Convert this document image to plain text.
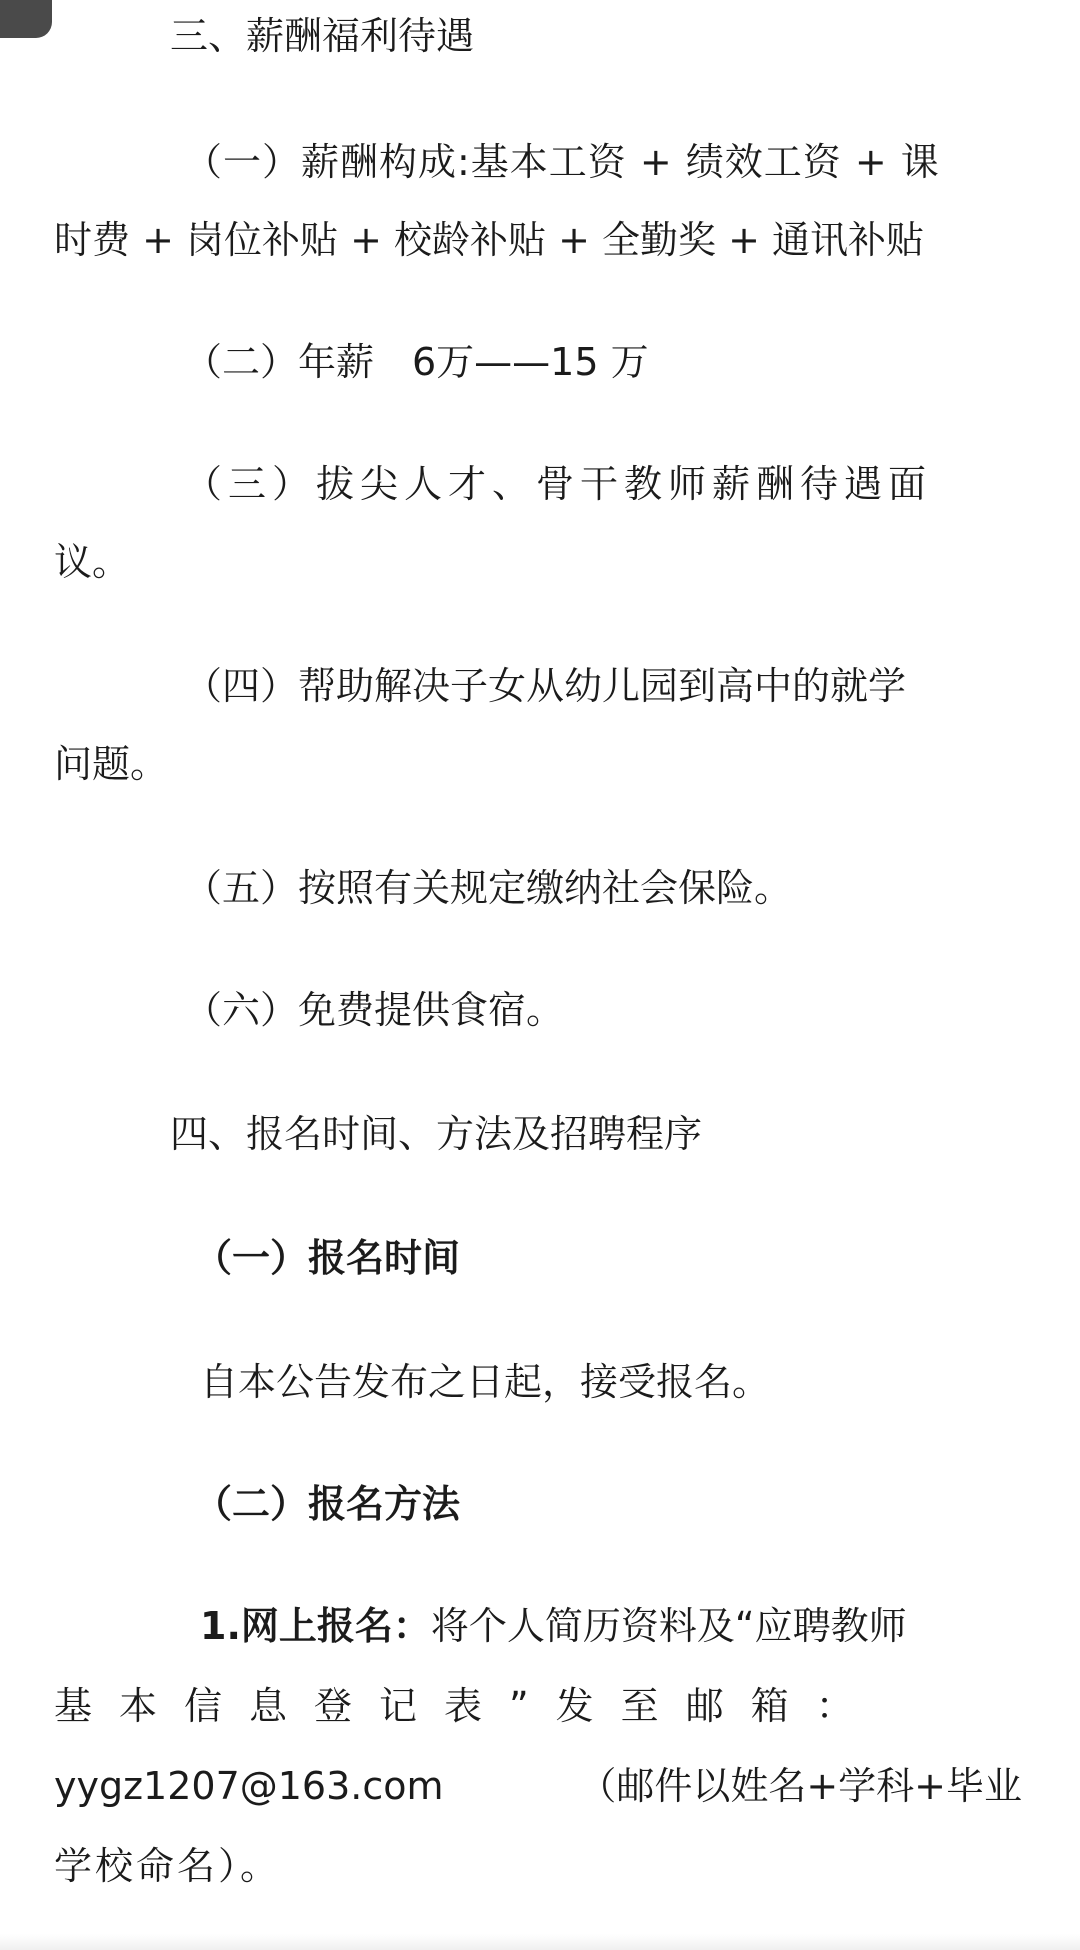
三、薪酬福利待遇

（一）薪酬构成:基本工资 + 绩效工资 + 课

时费 + 岗位补贴 + 校龄补贴 + 全勤奖 + 通讯补贴

（二）年薪　6万——15 万

（三）拔尖人才、骨干教师薪酬待遇面

议。

（四）帮助解决子女从幼儿园到高中的就学

问题。

（五）按照有关规定缴纳社会保险。

（六）免费提供食宿。

四、报名时间、方法及招聘程序

（一）报名时间

自本公告发布之日起，接受报名。

（二）报名方法

1.网上报名：将个人简历资料及“应聘教师

基本信息登记表”发至邮箱：

yygz1207@163.com	（邮件以姓名+学科+毕业

学校命名）。
